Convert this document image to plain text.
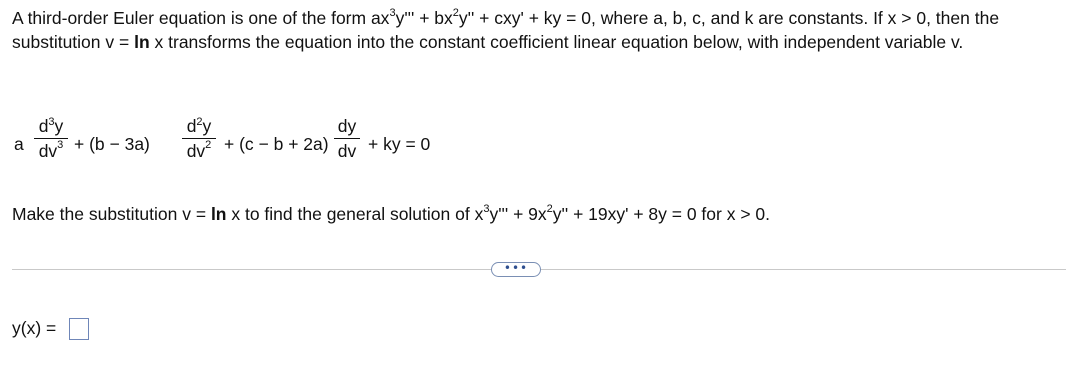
A third-order Euler equation is one of the form $ax^3y''' + bx^2y'' + cxy'$ + ky = 0, where a, b, c, and k are constants. If x > 0, then the substitution v = ln x transforms the equation into the constant coefficient linear equation below, with independent variable v.
a
$d^3y$
$dv_3 + (b - 3a)$
$d^2y$
$dv_2 + (c - b + 2a)$
dy
dv + ky = 0
Make the substitution v = ln x to find the general solution of $x^3y''' + 9x^2y'' + 19xy' + 8y = 0$ for x > 0.
•••
y(x) =
